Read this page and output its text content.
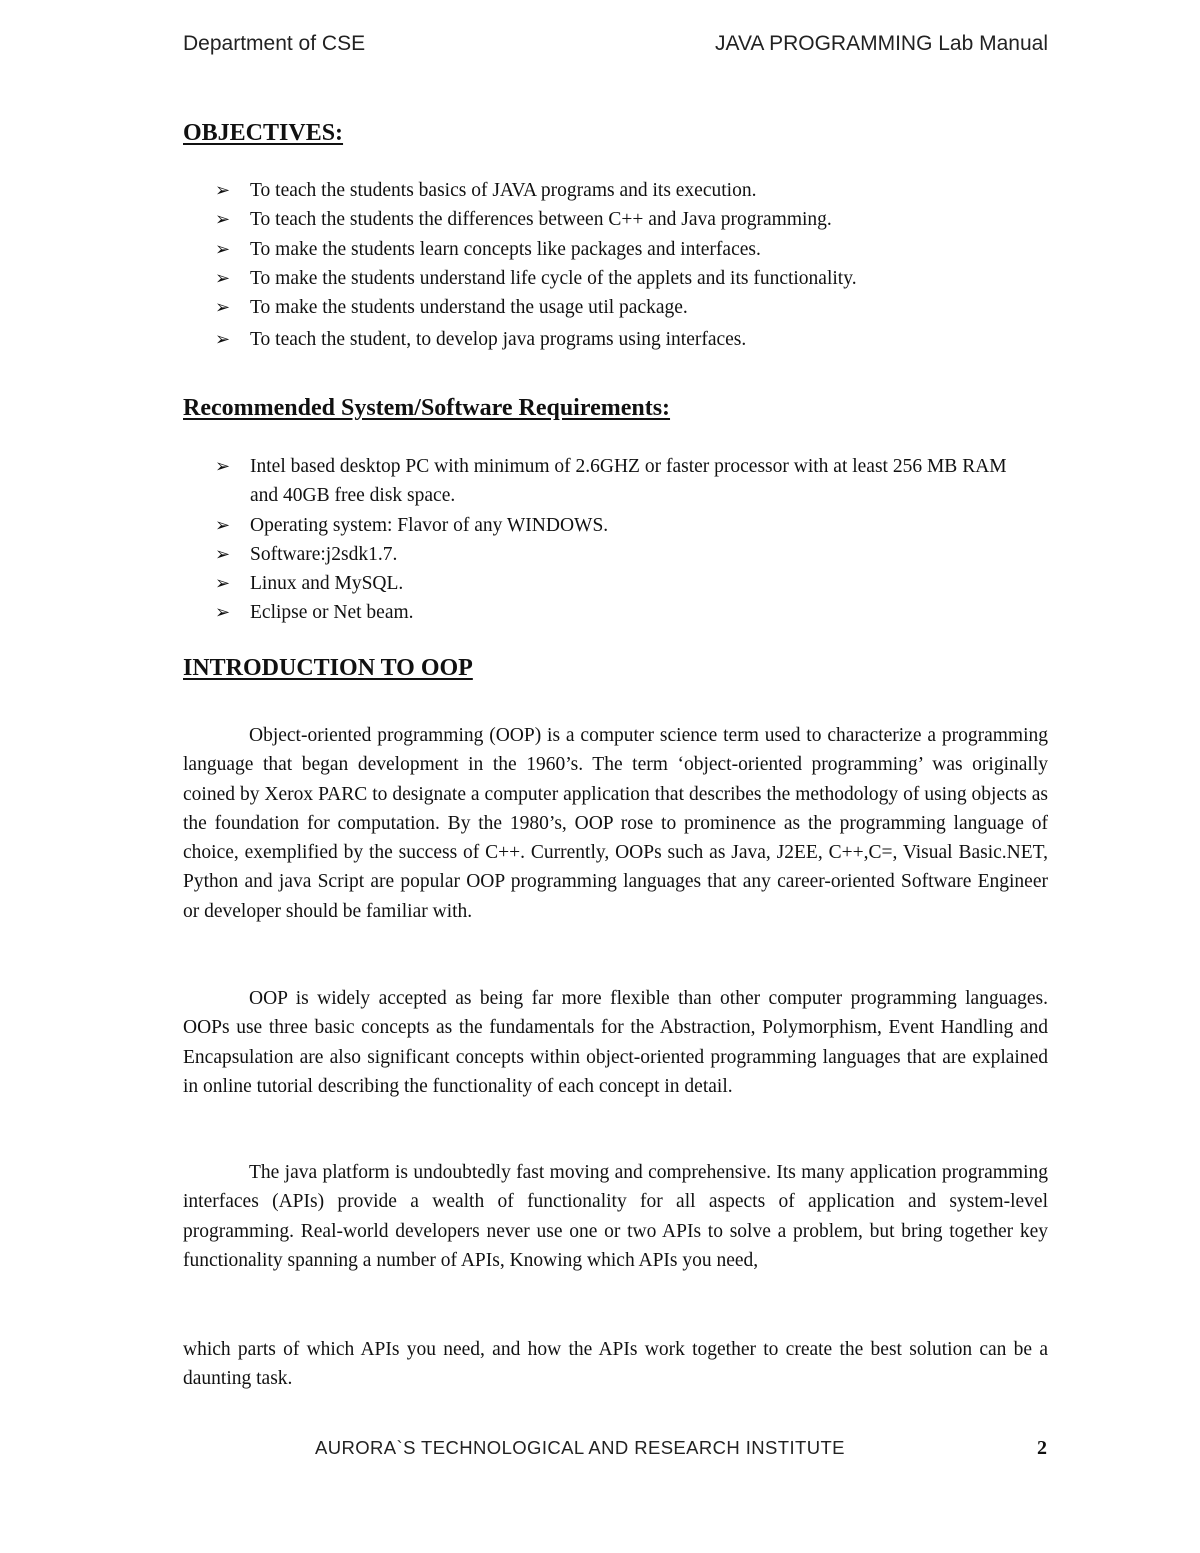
Department of CSE	JAVA PROGRAMMING Lab Manual
OBJECTIVES:
➢ To teach the students basics of JAVA programs and its execution.
➢ To teach the students the differences between C++ and Java programming.
➢ To make the students learn concepts like packages and interfaces.
➢ To make the students understand life cycle of the applets and its functionality.
➢ To make the students understand the usage util package.
➢ To teach the student, to develop java programs using interfaces.
Recommended System/Software Requirements:
➢ Intel based desktop PC with minimum of 2.6GHZ or faster processor with at least 256 MB RAM and 40GB free disk space.
➢ Operating system: Flavor of any WINDOWS.
➢ Software:j2sdk1.7.
➢ Linux and MySQL.
➢ Eclipse or Net beam.
INTRODUCTION TO OOP

Object-oriented programming (OOP) is a computer science term used to characterize a programming language that began development in the 1960’s. The term ‘object-oriented programming’ was originally coined by Xerox PARC to designate a computer application that describes the methodology of using objects as the foundation for computation. By the 1980’s, OOP rose to prominence as the programming language of choice, exemplified by the success of C++. Currently, OOPs such as Java, J2EE, C++,C=, Visual Basic.NET, Python and java Script are popular OOP programming languages that any career-oriented Software Engineer or developer should be familiar with.

OOP is widely accepted as being far more flexible than other computer programming languages. OOPs use three basic concepts as the fundamentals for the Abstraction, Polymorphism, Event Handling and Encapsulation are also significant concepts within object-oriented programming languages that are explained in online tutorial describing the functionality of each concept in detail.

The java platform is undoubtedly fast moving and comprehensive. Its many application programming interfaces (APIs) provide a wealth of functionality for all aspects of application and system-level programming. Real-world developers never use one or two APIs to solve a problem, but bring together key functionality spanning a number of APIs, Knowing which APIs you need,

which parts of which APIs you need, and how the APIs work together to create the best solution can be a daunting task.

AURORA`S TECHNOLOGICAL AND RESEARCH INSTITUTE	2
